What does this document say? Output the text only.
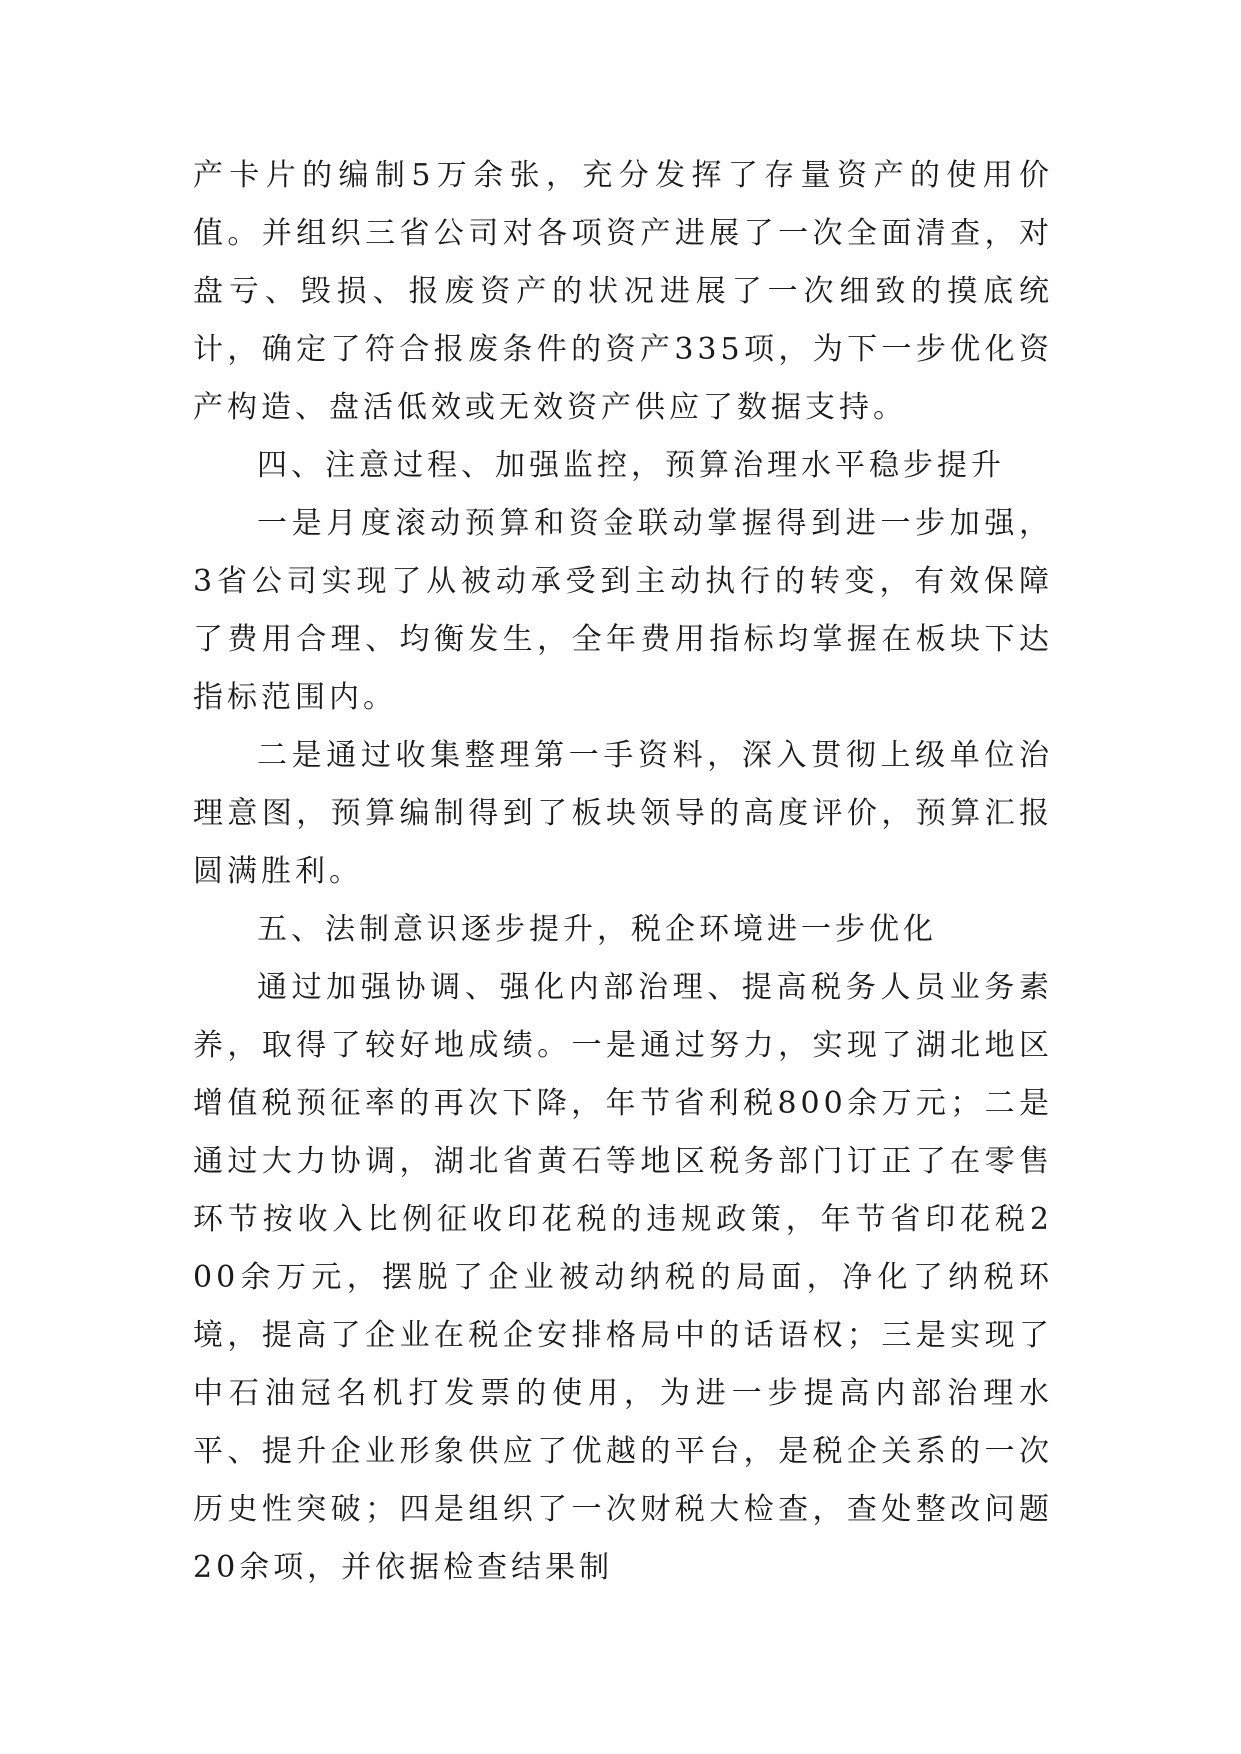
产卡片的编制5万余张，充分发挥了存量资产的使用价值。并组织三省公司对各项资产进展了一次全面清查，对盘亏、毁损、报废资产的状况进展了一次细致的摸底统计，确定了符合报废条件的资产335项，为下一步优化资产构造、盘活低效或无效资产供应了数据支持。

四、注意过程、加强监控，预算治理水平稳步提升

一是月度滚动预算和资金联动掌握得到进一步加强，3省公司实现了从被动承受到主动执行的转变，有效保障了费用合理、均衡发生，全年费用指标均掌握在板块下达指标范围内。

二是通过收集整理第一手资料，深入贯彻上级单位治理意图，预算编制得到了板块领导的高度评价，预算汇报圆满胜利。

五、法制意识逐步提升，税企环境进一步优化

通过加强协调、强化内部治理、提高税务人员业务素养，取得了较好地成绩。一是通过努力，实现了湖北地区增值税预征率的再次下降，年节省利税800余万元；二是通过大力协调，湖北省黄石等地区税务部门订正了在零售环节按收入比例征收印花税的违规政策，年节省印花税200余万元，摆脱了企业被动纳税的局面，净化了纳税环境，提高了企业在税企安排格局中的话语权；三是实现了中石油冠名机打发票的使用，为进一步提高内部治理水平、提升企业形象供应了优越的平台，是税企关系的一次历史性突破；四是组织了一次财税大检查，查处整改问题20余项，并依据检查结果制
